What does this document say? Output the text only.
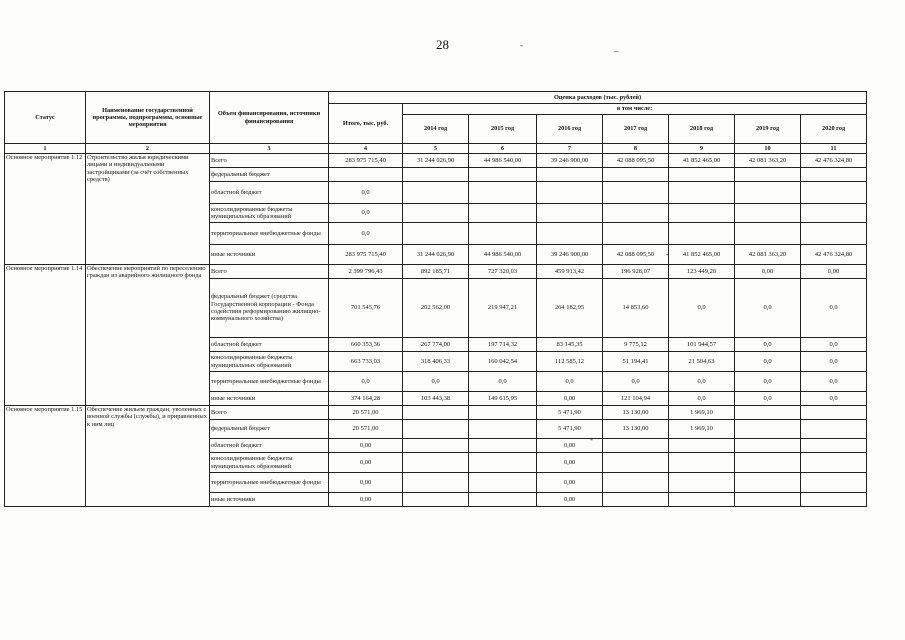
28	-	_
-
-
Статус	Наименование государственной программы, подпрограммы, основные мероприятия	Объем финансирования, источники финансирования	Оценка расходов (тыс. рублей)							
			Итого, тыс. руб.	в том числе:						
				2014 год	2015 год	2016 год	2017 год	2018 год	2019 год	2020 год
1	2	3	4	5	6	7	8	9	10	11
Основное мероприятие 1.12	Строительство жилья юридическими лицами и индивидуальными застройщиками (за счёт собственных средств)	Всего	283 975 715,40	31 244 026,90	44 986 540,00	39 246 900,00	42 088 095,50	41 852 465,00	42 081 363,20	42 476 324,80
		федеральный бюджет								
		областной бюджет	0,0							
		консолидированные бюджеты муниципальных образований	0,0							
		территориальные внебюджетные фонды	0,0							
		иные источники	283 975 715,40	31 244 026,90	44 986 540,00	39 246 900,00	42 088 095,50	41 852 465,00	42 081 363,20	42 476 324,80
Основное мероприятие 1.14	Обеспечение мероприятий по переселению граждан из аварийного жилищного фонда	Всего	2 399 796,43	892 185,71	727 320,03	459 913,42	196 928,07	123 449,20	0,00	0,00
		федеральный бюджет (средства Государственной корпорации - Фонда содействия реформированию жилищно-коммунального хозяйства)	701 545,76	202 562,00	219 947,21	264 182,95	14 853,60	0,0	0,0	0,0
		областной бюджет	660 353,36	267 774,00	197 714,32	83 145,35	9 775,12	101 944,57	0,0	0,0
		консолидированные бюджеты муниципальных образований	663 733,03	318 406,33	160 042,54	112 585,12	51 194,41	21 504,63	0,0	0,0
		территориальные внебюджетные фонды	0,0	0,0	0,0	0,0	0,0	0,0	0,0	0,0
		иные источники	374 164,28	103 443,38	149 615,95	0,00	121 104,94	0,0	0,0	0,0
Основное мероприятие 1.15	Обеспечение жильем граждан, уволенных с военной службы (службы), и приравненных к ним лиц	Всего	20 571,00			5 471,90	13 130,00	1 969,10		
		федеральный бюджет	20 571,00			5 471,90	13 130,00	1 969,10		
		областной бюджет	0,00			0,00				
		консолидированные бюджеты муниципальных образований	0,00			0,00				
		территориальные внебюджетные фонды	0,00			0,00				
		иные источники	0,00			0,00				
